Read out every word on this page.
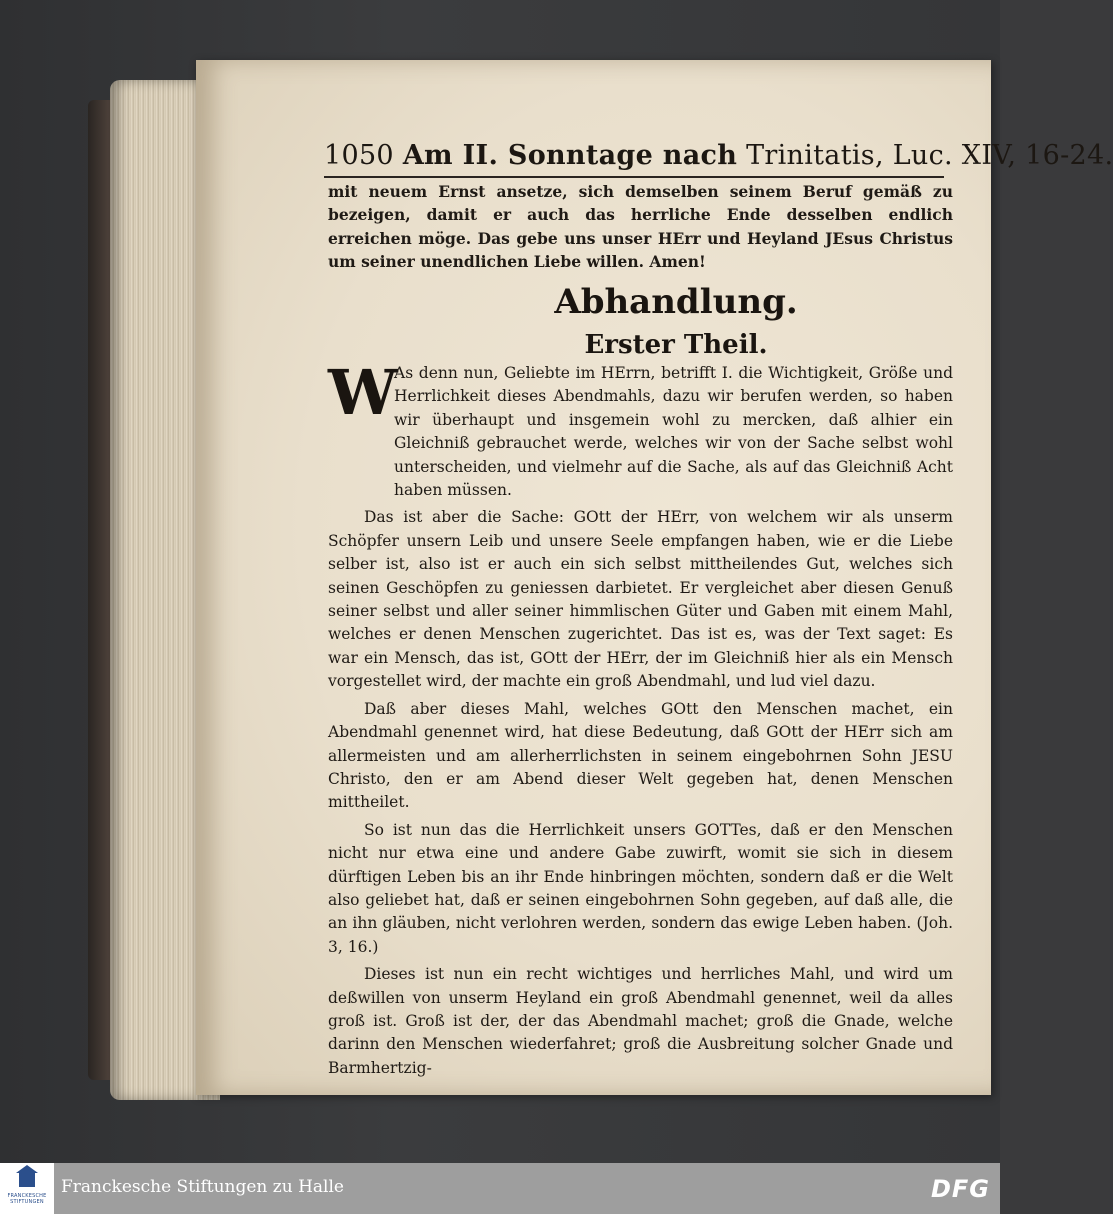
1050 Am II. Sonntage nach Trinitatis, Luc. XIV, 16-24.

mit neuem Ernst ansetze, sich demselben seinem Beruf gemäß zu bezeigen, damit er auch das herrliche Ende desselben endlich erreichen möge. Das gebe uns unser HErr und Heyland JEsus Christus um seiner unendlichen Liebe willen. Amen!

Abhandlung.
Erster Theil.
W

As denn nun, Geliebte im HErrn, betrifft I. die Wichtigkeit, Größe und Herrlichkeit dieses Abendmahls, dazu wir berufen werden, so haben wir überhaupt und insgemein wohl zu mercken, daß alhier ein Gleichniß gebrauchet werde, welches wir von der Sache selbst wohl unterscheiden, und vielmehr auf die Sache, als auf das Gleichniß Acht haben müssen.

Das ist aber die Sache: GOtt der HErr, von welchem wir als unserm Schöpfer unsern Leib und unsere Seele empfangen haben, wie er die Liebe selber ist, also ist er auch ein sich selbst mittheilendes Gut, welches sich seinen Geschöpfen zu geniessen darbietet. Er vergleichet aber diesen Genuß seiner selbst und aller seiner himmlischen Güter und Gaben mit einem Mahl, welches er denen Menschen zugerichtet. Das ist es, was der Text saget: Es war ein Mensch, das ist, GOtt der HErr, der im Gleichniß hier als ein Mensch vorgestellet wird, der machte ein groß Abendmahl, und lud viel dazu.

Daß aber dieses Mahl, welches GOtt den Menschen machet, ein Abendmahl genennet wird, hat diese Bedeutung, daß GOtt der HErr sich am allermeisten und am allerherrlichsten in seinem eingebohrnen Sohn JESU Christo, den er am Abend dieser Welt gegeben hat, denen Menschen mittheilet.

So ist nun das die Herrlichkeit unsers GOTTes, daß er den Menschen nicht nur etwa eine und andere Gabe zuwirft, womit sie sich in diesem dürftigen Leben bis an ihr Ende hinbringen möchten, sondern daß er die Welt also geliebet hat, daß er seinen eingebohrnen Sohn gegeben, auf daß alle, die an ihn gläuben, nicht verlohren werden, sondern das ewige Leben haben. (Joh. 3, 16.)

Dieses ist nun ein recht wichtiges und herrliches Mahl, und wird um deßwillen von unserm Heyland ein groß Abendmahl genennet, weil da alles groß ist. Groß ist der, der das Abendmahl machet; groß die Gnade, welche darinn den Menschen wiederfahret; groß die Ausbreitung solcher Gnade und Barmhertzig-

FRANCKESCHE STIFTUNGEN
Franckesche Stiftungen zu Halle	DFG
